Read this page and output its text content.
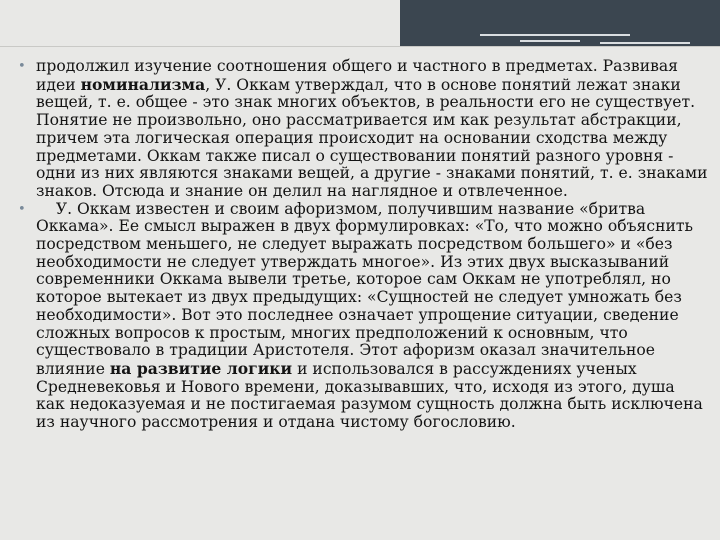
• продолжил изучение соотношения общего и частного в предметах. Развивая идеи номинализма, У. Оккам утверждал, что в основе понятий лежат знаки вещей, т. е. общее - это знак многих объектов, в реальности его не существует. Понятие не произвольно, оно рассматривается им как результат абстракции, причем эта логическая операция происходит на основании сходства между предметами. Оккам также писал о существовании понятий разного уровня - одни из них являются знаками вещей, а другие - знаками понятий, т. е. знаками знаков. Отсюда и знание он делил на наглядное и отвлеченное.

• У. Оккам известен и своим афоризмом, получившим название «бритва Оккама». Ее смысл выражен в двух формулировках: «То, что можно объяснить посредством меньшего, не следует выражать посредством большего» и «без необходимости не следует утверждать многое». Из этих двух высказываний современники Оккама вывели третье, которое сам Оккам не употреблял, но которое вытекает из двух предыдущих: «Сущностей не следует умножать без необходимости». Вот это последнее означает упрощение ситуации, сведение сложных вопросов к простым, многих предположений к основным, что существовало в традиции Аристотеля. Этот афоризм оказал значительное влияние на развитие логики и использовался в рассуждениях ученых Средневековья и Нового времени, доказывавших, что, исходя из этого, душа как недоказуемая и не постигаемая разумом сущность должна быть исключена из научного рассмотрения и отдана чистому богословию.
